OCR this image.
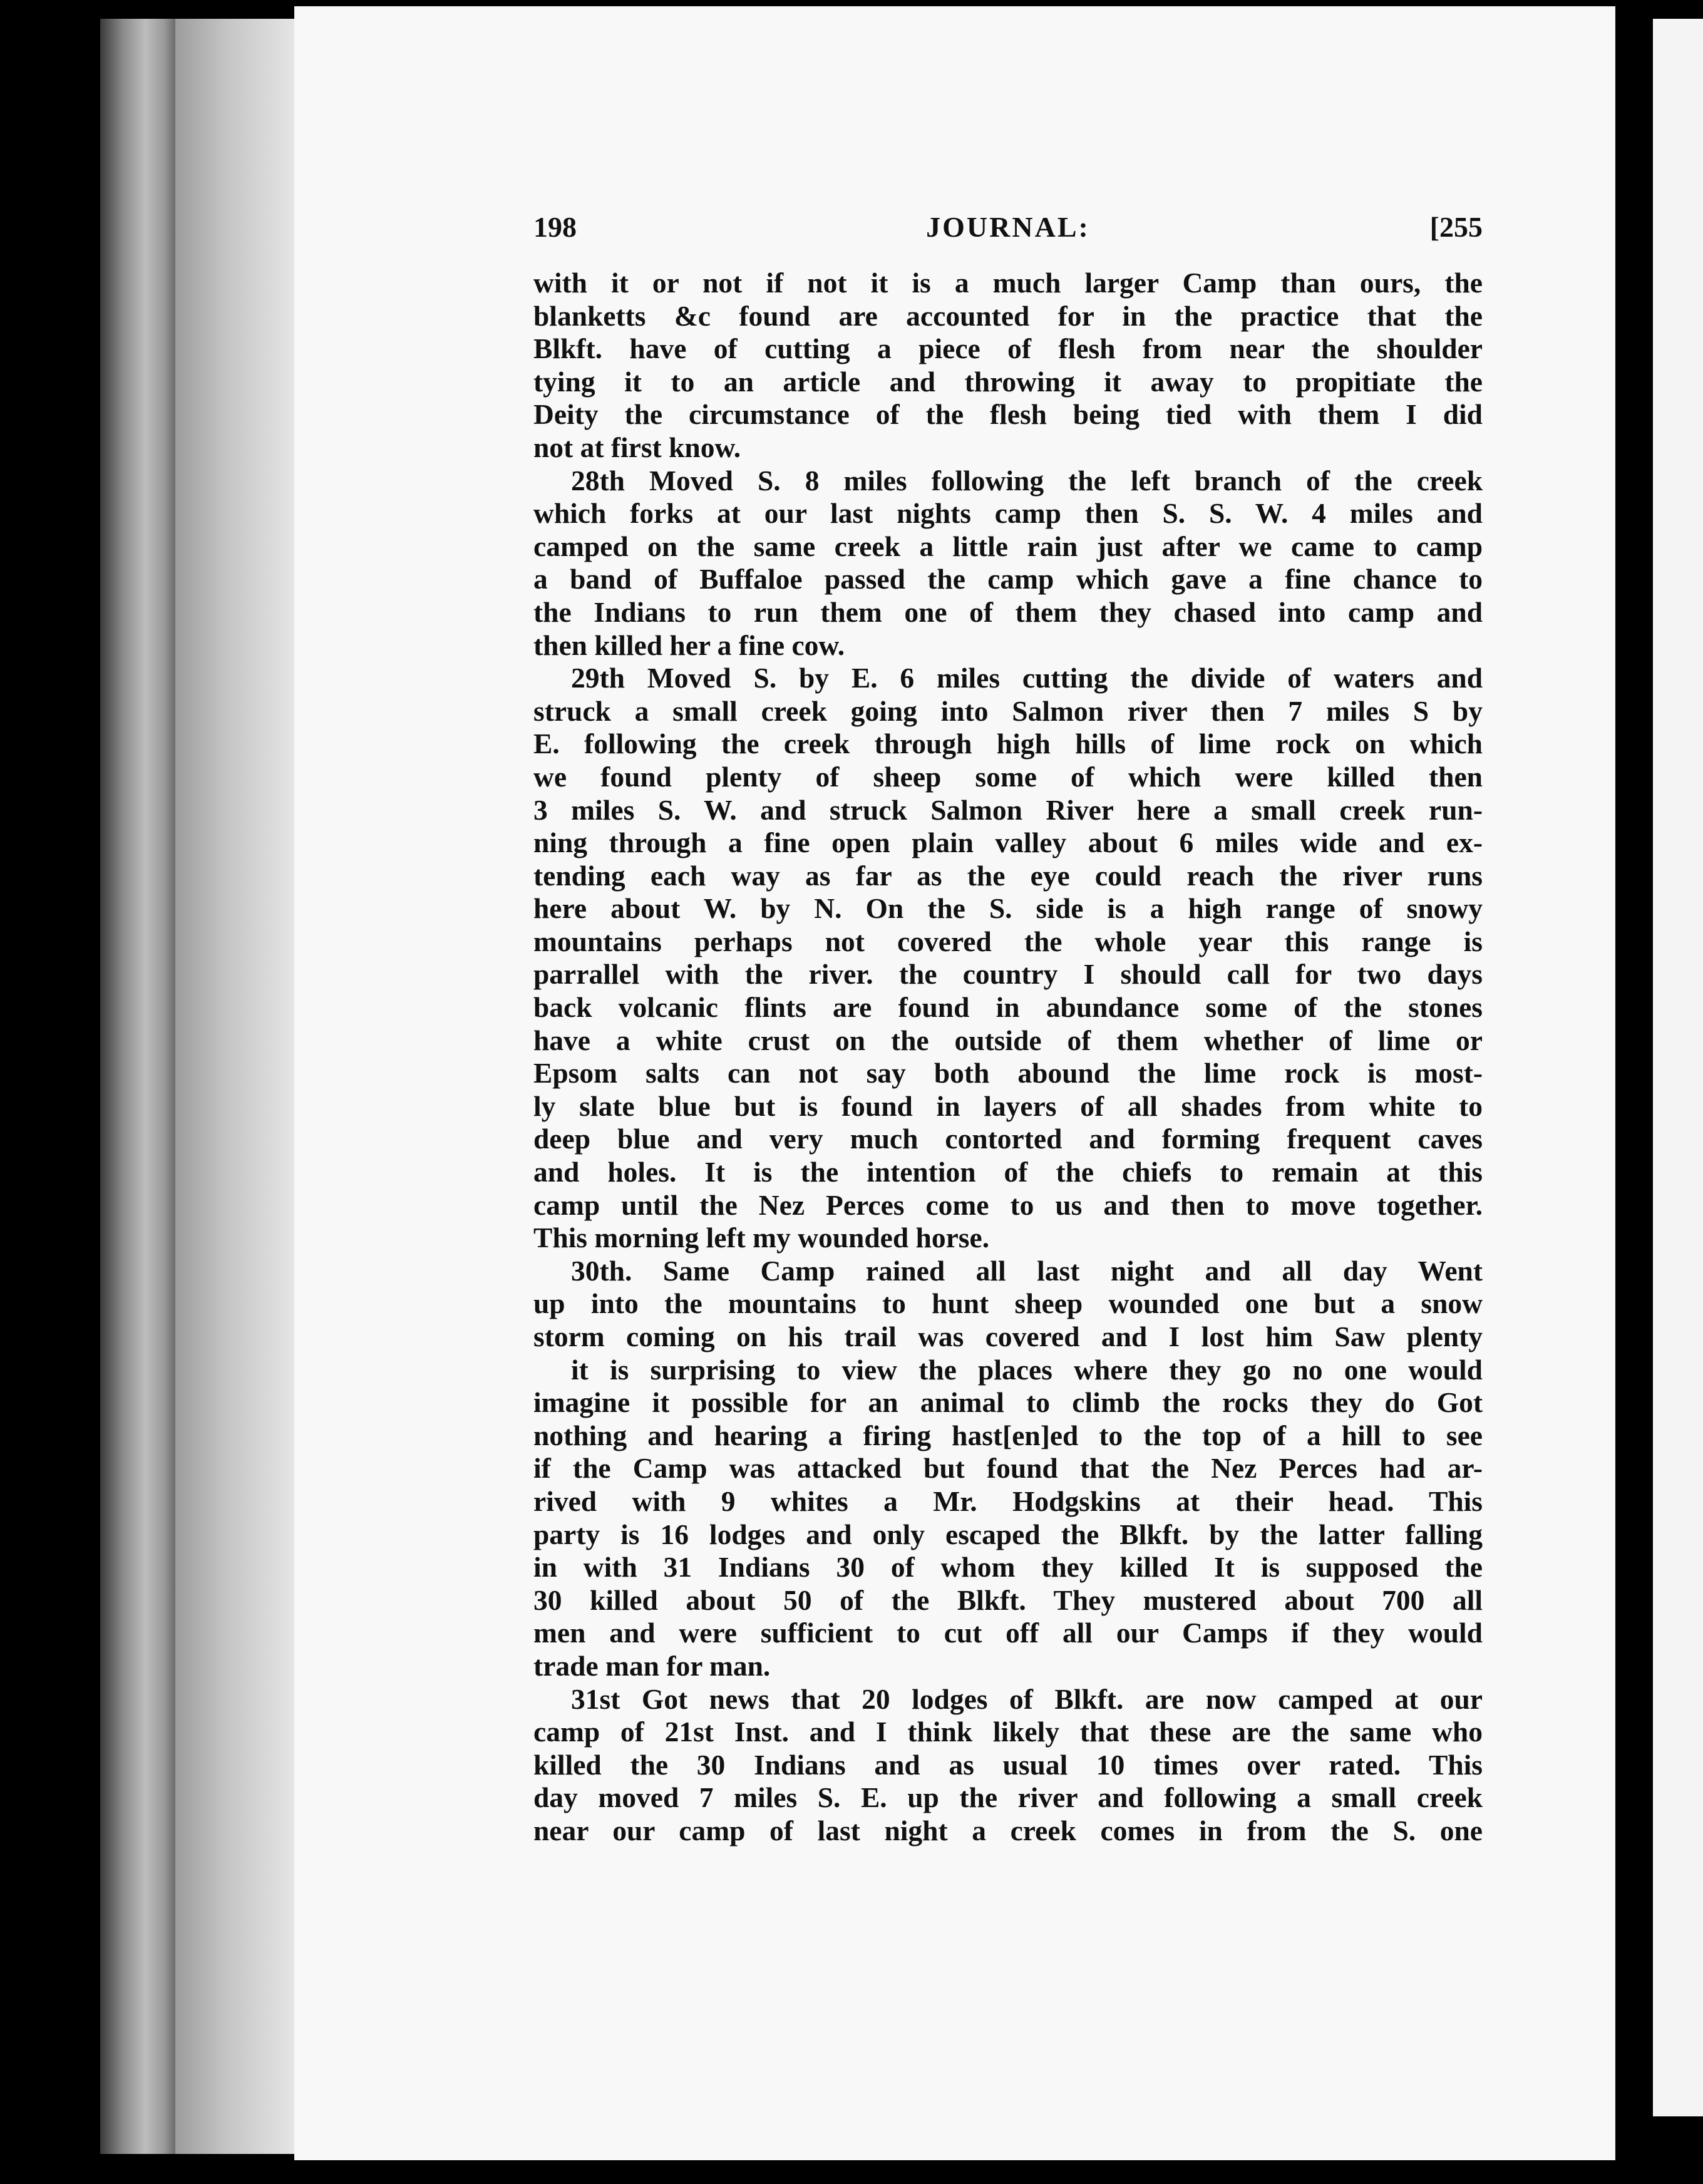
198	JOURNAL:	[255
with it or not if not it is a much larger Camp than ours, the
blanketts &c found are accounted for in the practice that the
Blkft. have of cutting a piece of flesh from near the shoulder
tying it to an article and throwing it away to propitiate the
Deity the circumstance of the flesh being tied with them I did
not at first know.
28th Moved S. 8 miles following the left branch of the creek
which forks at our last nights camp then S. S. W. 4 miles and
camped on the same creek a little rain just after we came to camp
a band of Buffaloe passed the camp which gave a fine chance to
the Indians to run them one of them they chased into camp and
then killed her a fine cow.
29th Moved S. by E. 6 miles cutting the divide of waters and
struck a small creek going into Salmon river then 7 miles S by
E. following the creek through high hills of lime rock on which
we found plenty of sheep some of which were killed then
3 miles S. W. and struck Salmon River here a small creek run-
ning through a fine open plain valley about 6 miles wide and ex-
tending each way as far as the eye could reach the river runs
here about W. by N. On the S. side is a high range of snowy
mountains perhaps not covered the whole year this range is
parrallel with the river. the country I should call for two days
back volcanic flints are found in abundance some of the stones
have a white crust on the outside of them whether of lime or
Epsom salts can not say both abound the lime rock is most-
ly slate blue but is found in layers of all shades from white to
deep blue and very much contorted and forming frequent caves
and holes. It is the intention of the chiefs to remain at this
camp until the Nez Perces come to us and then to move together.
This morning left my wounded horse.
30th. Same Camp rained all last night and all day Went
up into the mountains to hunt sheep wounded one but a snow
storm coming on his trail was covered and I lost him Saw plenty
it is surprising to view the places where they go no one would
imagine it possible for an animal to climb the rocks they do Got
nothing and hearing a firing hast[en]ed to the top of a hill to see
if the Camp was attacked but found that the Nez Perces had ar-
rived with 9 whites a Mr. Hodgskins at their head. This
party is 16 lodges and only escaped the Blkft. by the latter falling
in with 31 Indians 30 of whom they killed It is supposed the
30 killed about 50 of the Blkft. They mustered about 700 all
men and were sufficient to cut off all our Camps if they would
trade man for man.
31st Got news that 20 lodges of Blkft. are now camped at our
camp of 21st Inst. and I think likely that these are the same who
killed the 30 Indians and as usual 10 times over rated. This
day moved 7 miles S. E. up the river and following a small creek
near our camp of last night a creek comes in from the S. one
